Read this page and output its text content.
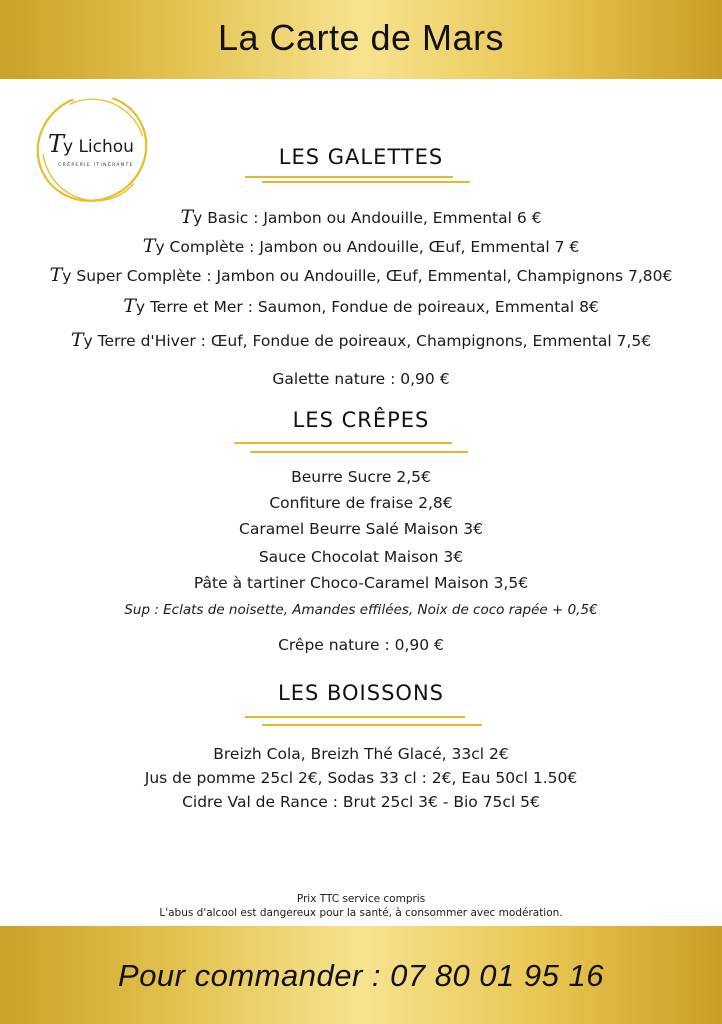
La Carte de Mars
T
y Lichou
CRÊPERIE ITINÉRANTE	LES GALETTES
Ty Basic : Jambon ou Andouille, Emmental 6 €
Ty Complète : Jambon ou Andouille, Œuf, Emmental 7 €
Ty Super Complète : Jambon ou Andouille, Œuf, Emmental, Champignons 7,80€
Ty Terre et Mer : Saumon, Fondue de poireaux, Emmental 8€
Ty Terre d'Hiver : Œuf, Fondue de poireaux, Champignons, Emmental 7,5€
Galette nature : 0,90 €
LES CRÊPES
Beurre Sucre 2,5€
Confiture de fraise 2,8€
Caramel Beurre Salé Maison 3€
Sauce Chocolat Maison 3€
Pâte à tartiner Choco-Caramel Maison 3,5€
Sup : Eclats de noisette, Amandes effilées, Noix de coco rapée + 0,5€
Crêpe nature : 0,90 €
LES BOISSONS
Breizh Cola, Breizh Thé Glacé, 33cl 2€
Jus de pomme 25cl 2€, Sodas 33 cl : 2€, Eau 50cl 1.50€
Cidre Val de Rance : Brut 25cl 3€ - Bio 75cl 5€
Prix TTC service compris
L'abus d'alcool est dangereux pour la santé, à consommer avec modération.
Pour commander : 07 80 01 95 16
